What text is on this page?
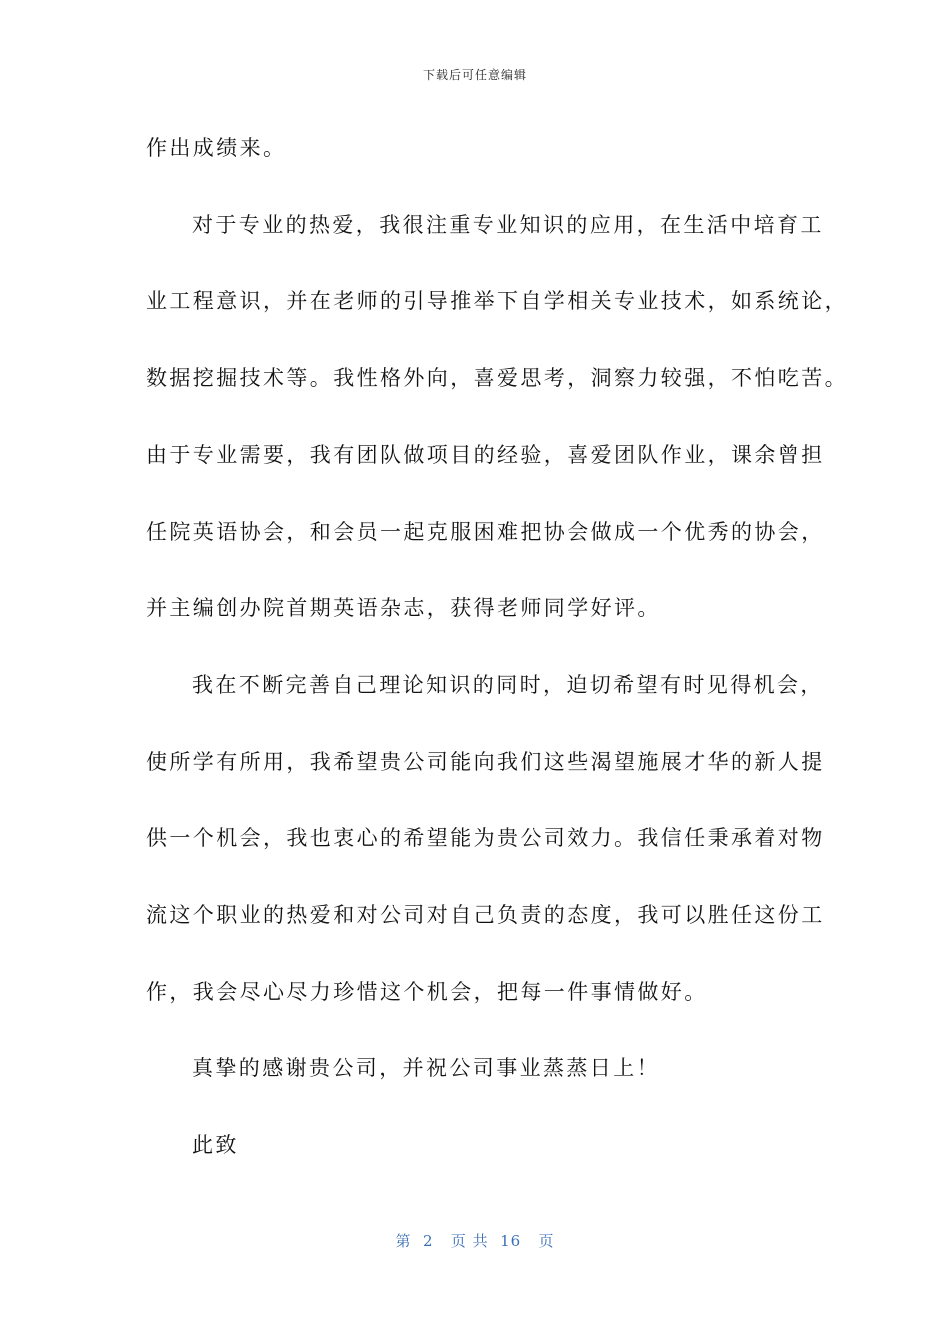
下载后可任意编辑
作出成绩来。
对于专业的热爱，我很注重专业知识的应用，在生活中培育工
业工程意识，并在老师的引导推举下自学相关专业技术，如系统论，
数据挖掘技术等。我性格外向，喜爱思考，洞察力较强，不怕吃苦。
由于专业需要，我有团队做项目的经验，喜爱团队作业，课余曾担
任院英语协会，和会员一起克服困难把协会做成一个优秀的协会，
并主编创办院首期英语杂志，获得老师同学好评。
我在不断完善自己理论知识的同时，迫切希望有时见得机会，
使所学有所用，我希望贵公司能向我们这些渴望施展才华的新人提
供一个机会，我也衷心的希望能为贵公司效力。我信任秉承着对物
流这个职业的热爱和对公司对自己负责的态度，我可以胜任这份工
作，我会尽心尽力珍惜这个机会，把每一件事情做好。
真挚的感谢贵公司，并祝公司事业蒸蒸日上！
此致
第  2   页 共  16   页
